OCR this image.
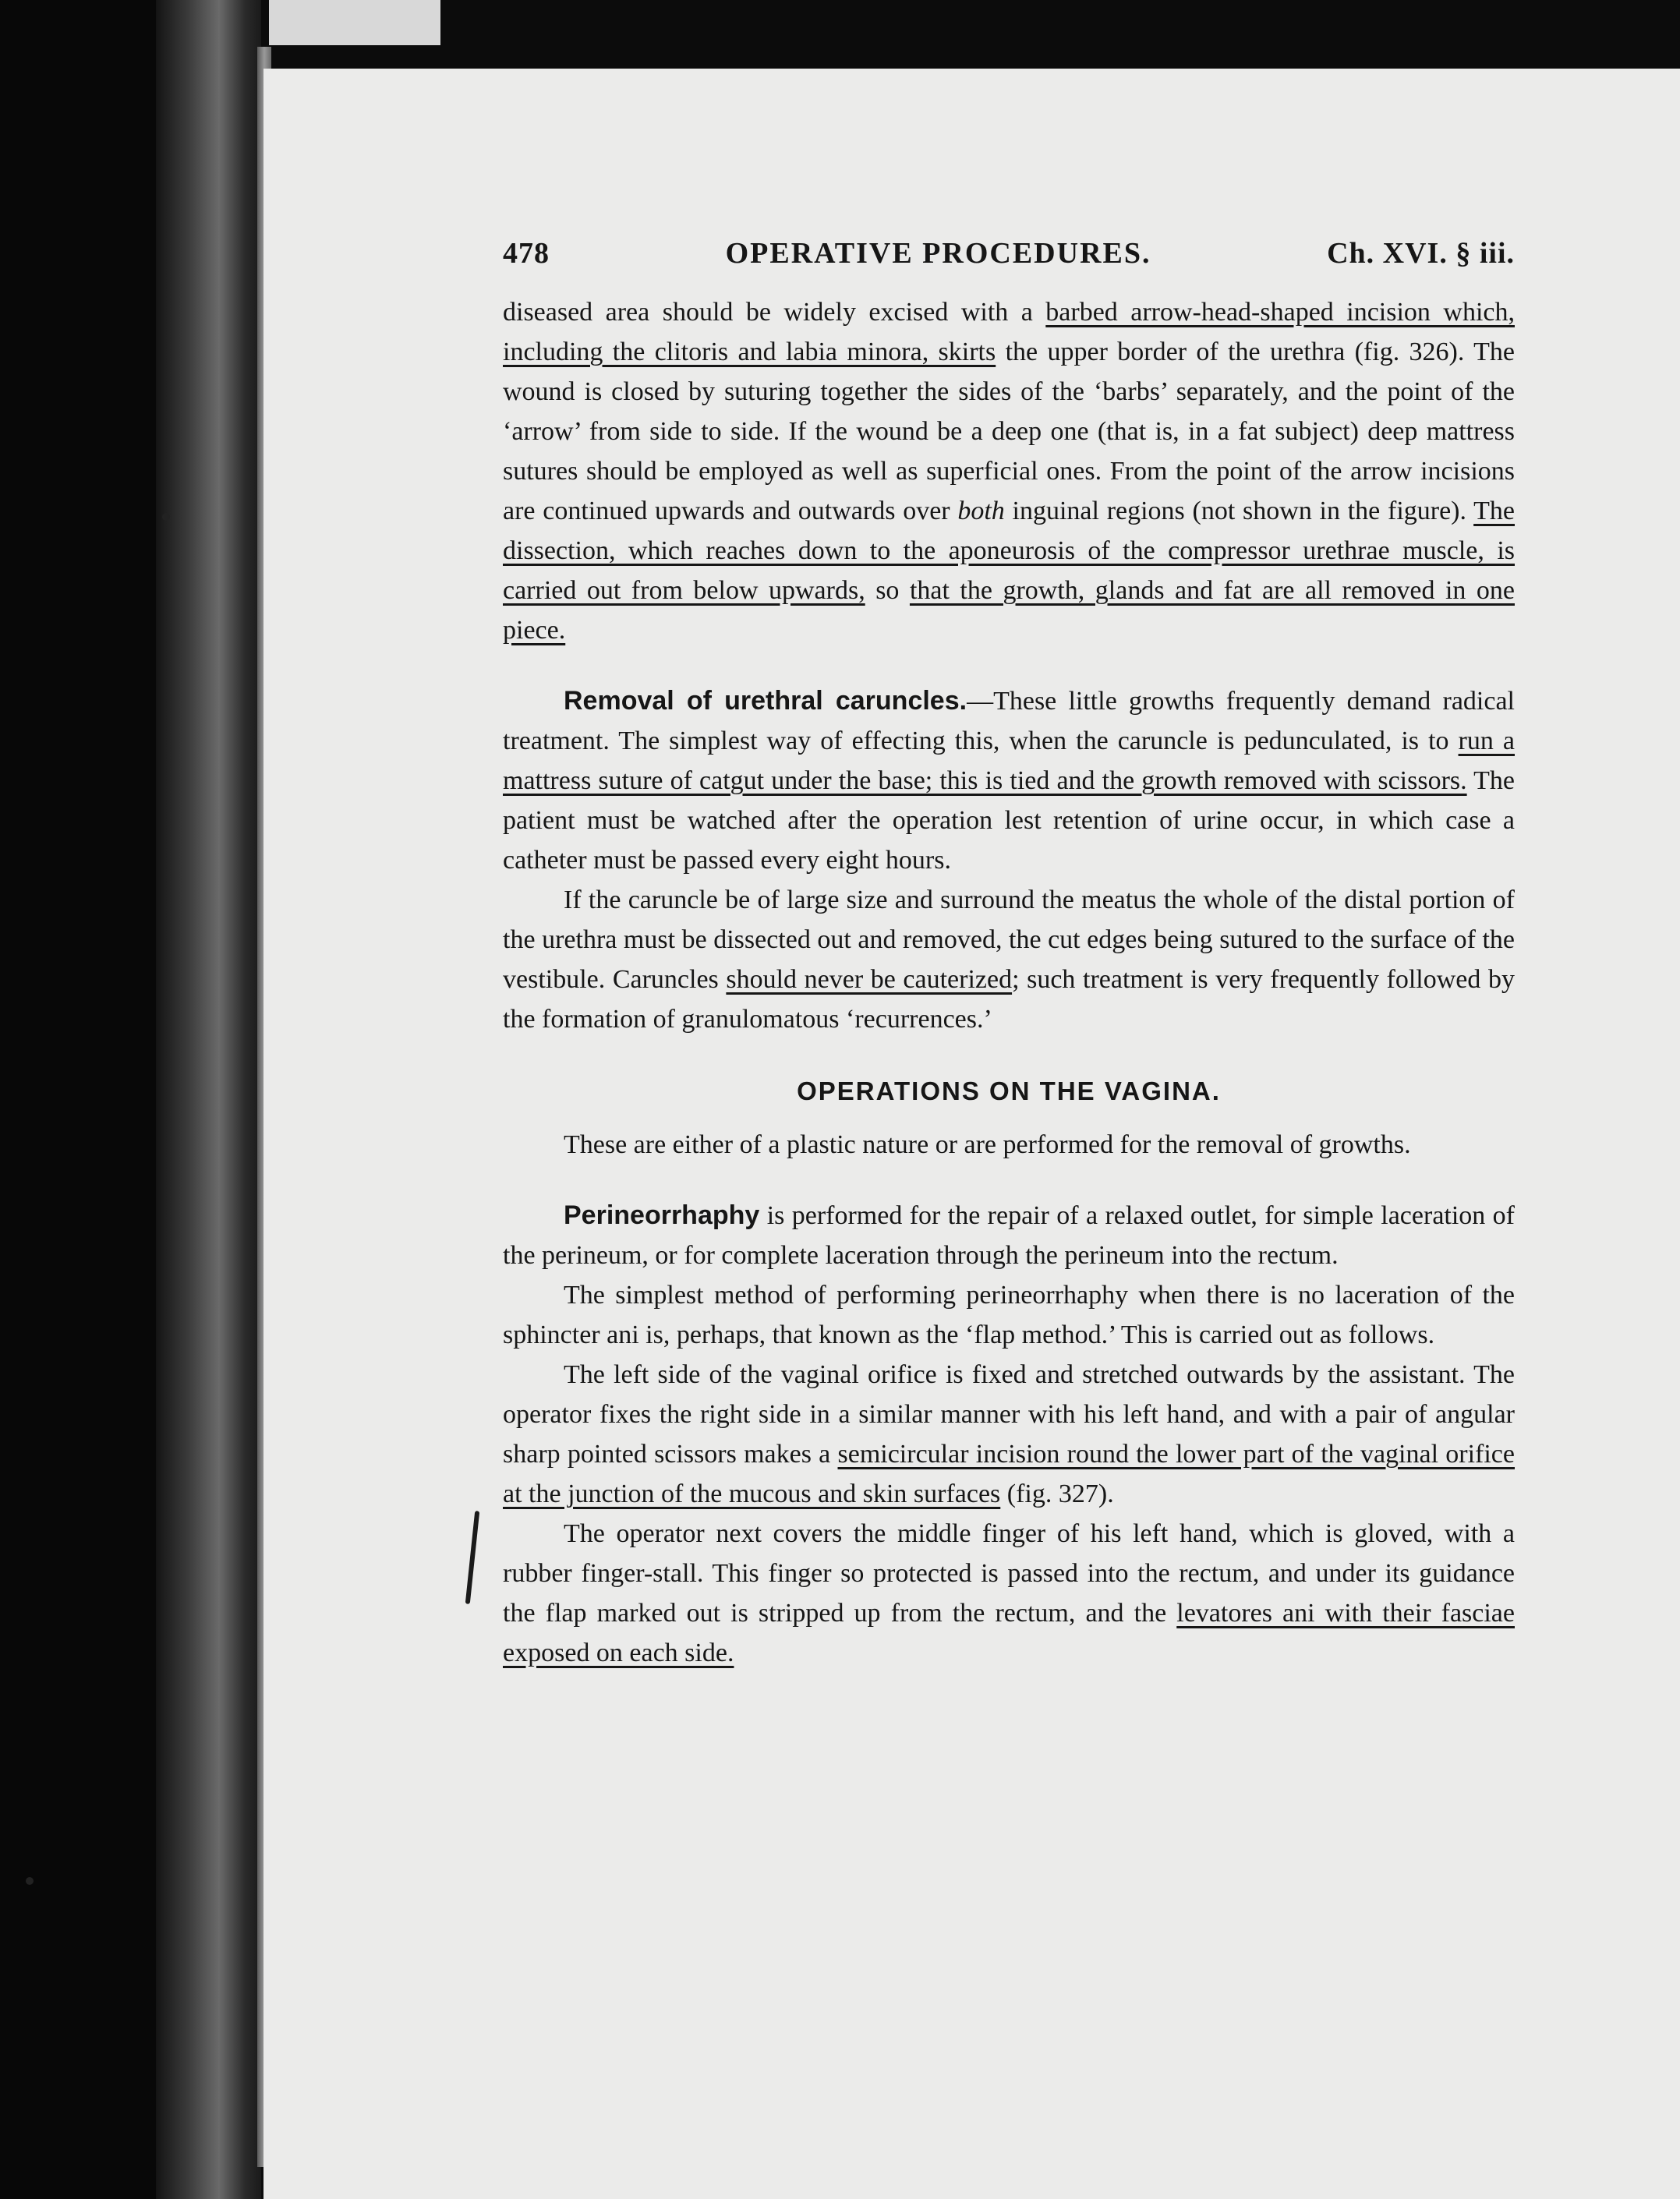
478	OPERATIVE PROCEDURES.	Ch. XVI. § iii.

diseased area should be widely excised with a barbed arrow-head-shaped incision which, including the clitoris and labia minora, skirts the upper border of the urethra (fig. 326). The wound is closed by suturing together the sides of the ‘barbs’ separately, and the point of the ‘arrow’ from side to side. If the wound be a deep one (that is, in a fat subject) deep mattress sutures should be employed as well as superficial ones. From the point of the arrow incisions are continued upwards and outwards over both inguinal regions (not shown in the figure). The dissection, which reaches down to the aponeurosis of the compressor urethrae muscle, is carried out from below upwards, so that the growth, glands and fat are all removed in one piece.

Removal of urethral caruncles.—These little growths frequently demand radical treatment. The simplest way of effecting this, when the caruncle is pedunculated, is to run a mattress suture of catgut under the base; this is tied and the growth removed with scissors. The patient must be watched after the operation lest retention of urine occur, in which case a catheter must be passed every eight hours.

If the caruncle be of large size and surround the meatus the whole of the distal portion of the urethra must be dissected out and removed, the cut edges being sutured to the surface of the vestibule. Caruncles should never be cauterized; such treatment is very frequently followed by the formation of granulomatous ‘recurrences.’

OPERATIONS ON THE VAGINA.

These are either of a plastic nature or are performed for the removal of growths.

Perineorrhaphy is performed for the repair of a relaxed outlet, for simple laceration of the perineum, or for complete laceration through the perineum into the rectum.

The simplest method of performing perineorrhaphy when there is no laceration of the sphincter ani is, perhaps, that known as the ‘flap method.’ This is carried out as follows.

The left side of the vaginal orifice is fixed and stretched outwards by the assistant. The operator fixes the right side in a similar manner with his left hand, and with a pair of angular sharp pointed scissors makes a semicircular incision round the lower part of the vaginal orifice at the junction of the mucous and skin surfaces (fig. 327).

The operator next covers the middle finger of his left hand, which is gloved, with a rubber finger-stall. This finger so protected is passed into the rectum, and under its guidance the flap marked out is stripped up from the rectum, and the levatores ani with their fasciae exposed on each side.
